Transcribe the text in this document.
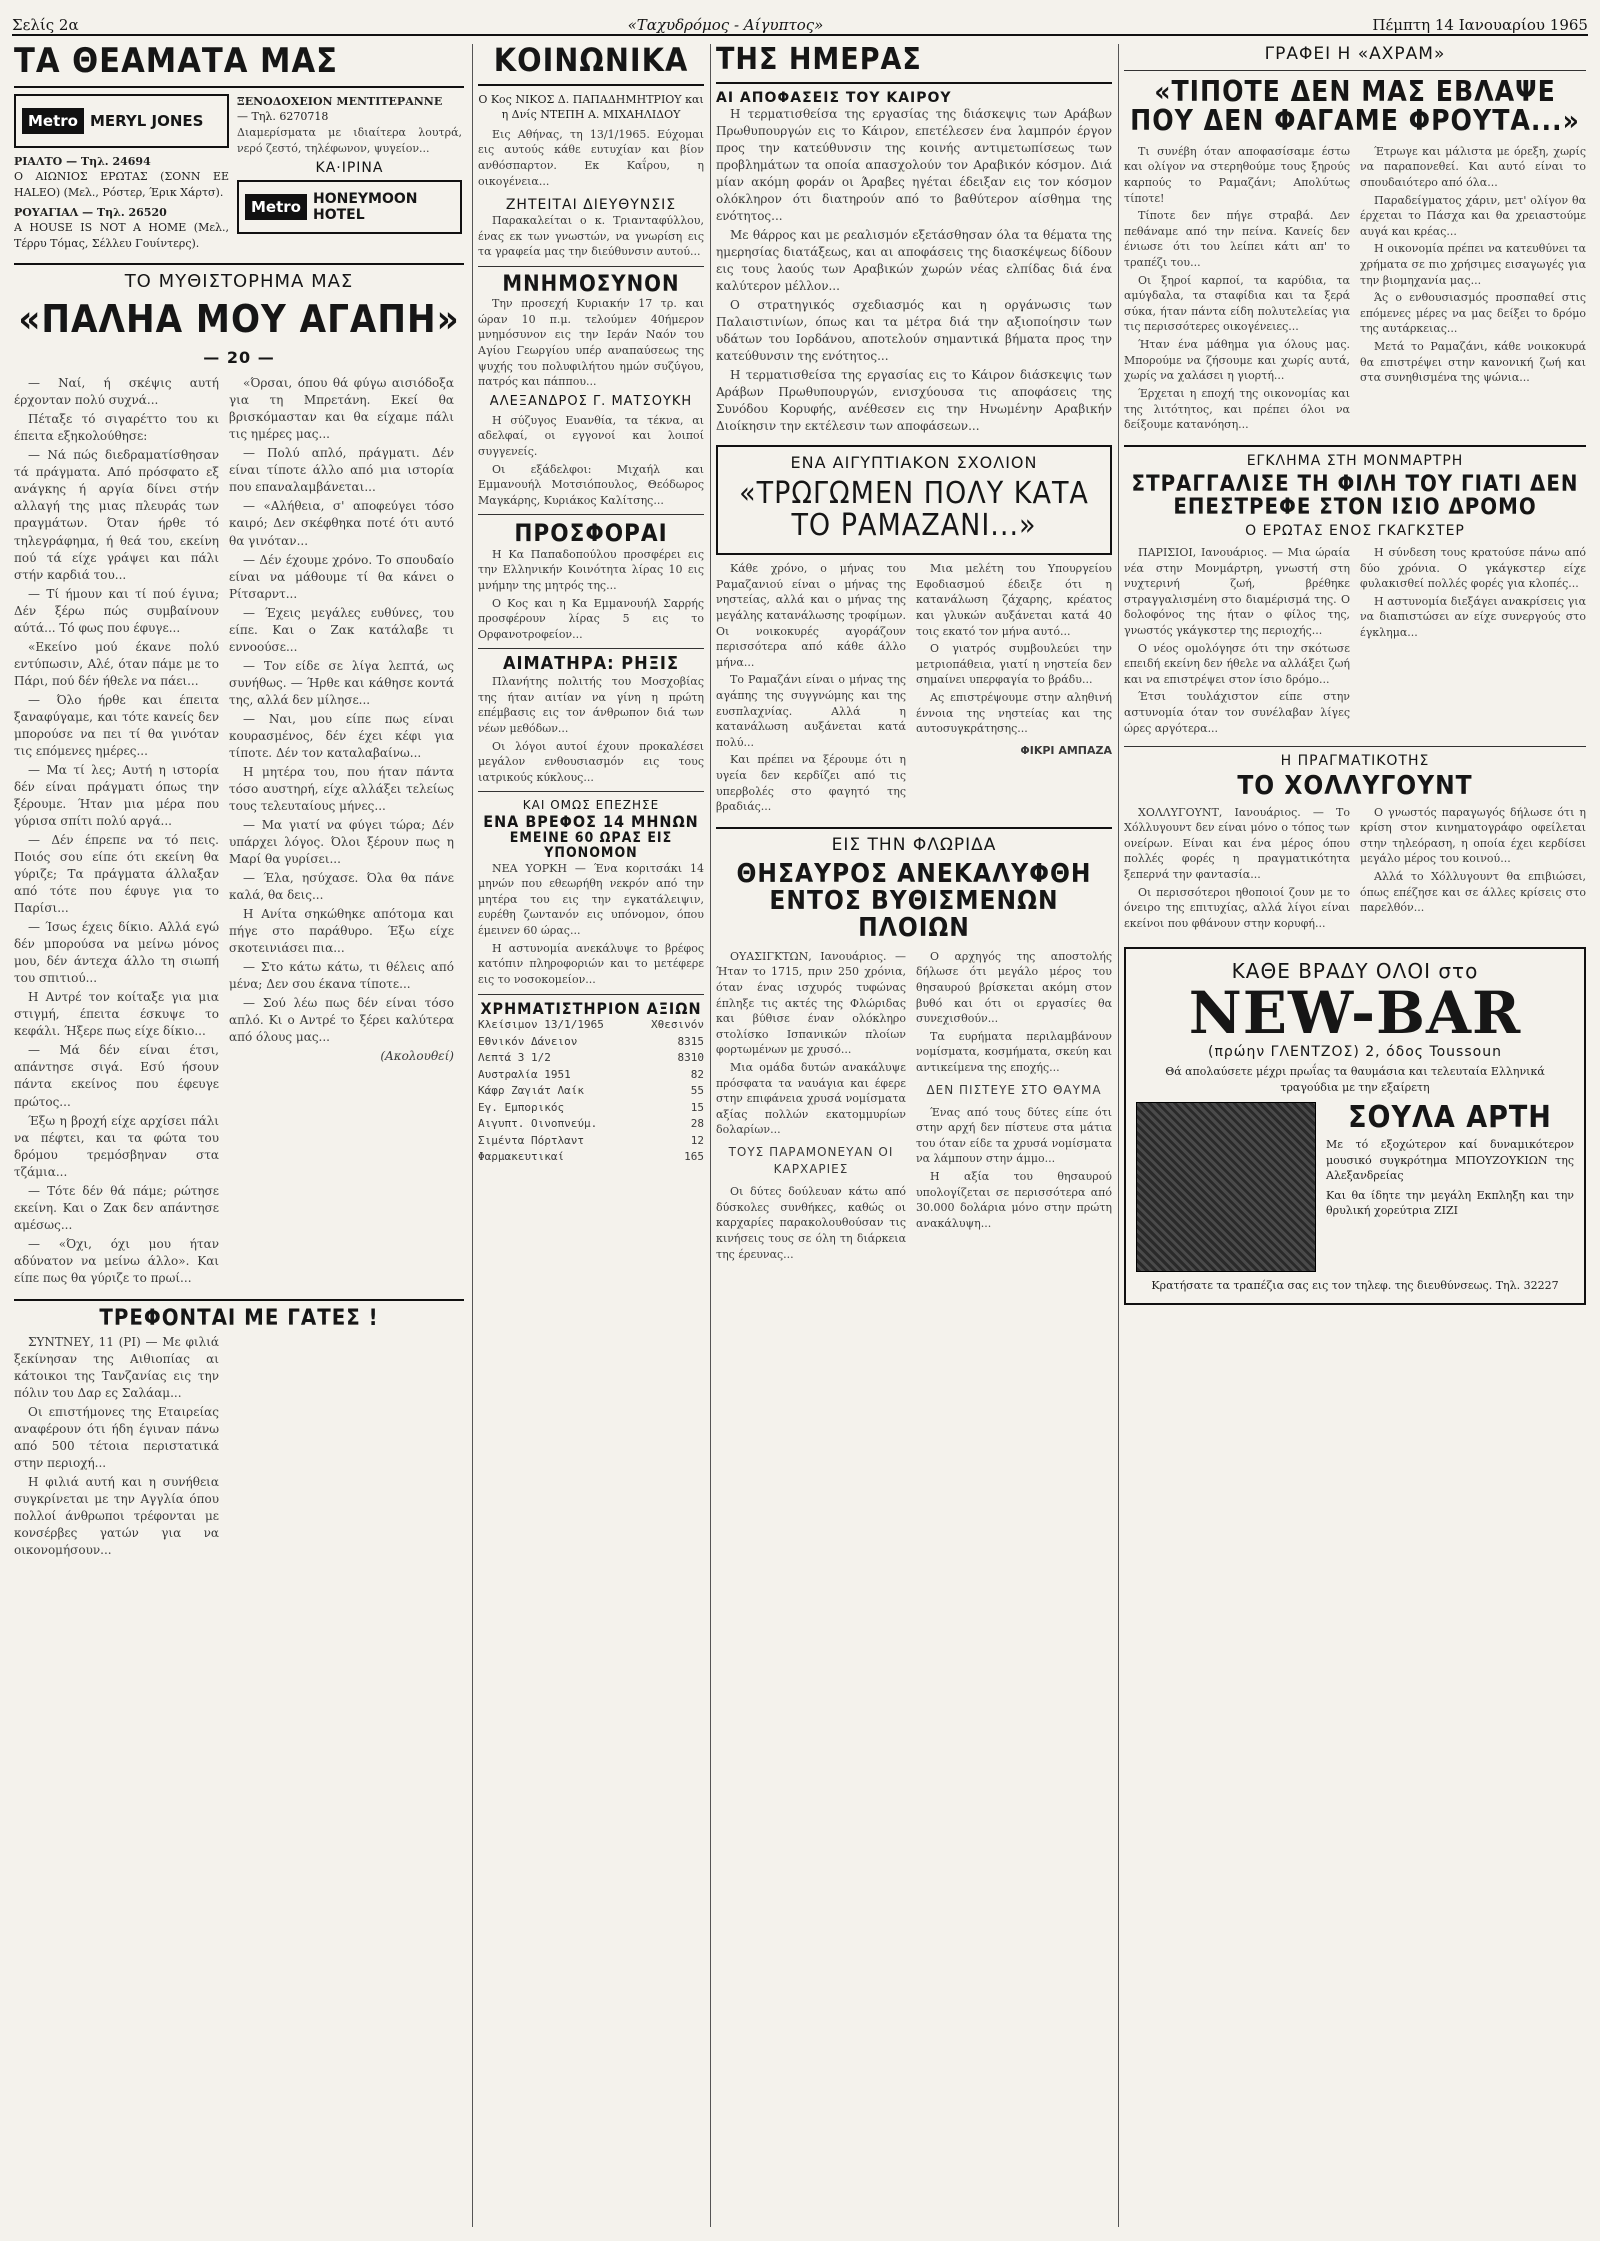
Σελίς 2α	«Ταχυδρόμος - Αίγυπτος»	Πέμπτη 14 Ιανουαρίου 1965
ΤΑ ΘΕΑΜΑΤΑ ΜΑΣ
Metro MERYL JONES
ΡΙΑΛΤΟ — Τηλ. 24694
Ο ΑΙΩΝΙΟΣ ΕΡΩΤΑΣ (ΣΟΝΝ ΕΕ HALEO) (Μελ., Ρόστερ, Έρικ Χάρτσ).
ΡΟΥΑΓΙΑΛ — Τηλ. 26520
A HOUSE IS NOT A HOME (Μελ., Τέρρυ Τόμας, Σέλλευ Γουίντερς).
ΞΕΝΟΔΟΧΕΙΟΝ ΜΕΝΤΙΤΕΡΑΝΝΕ
— Τηλ. 6270718
Διαμερίσματα με ιδιαίτερα λουτρά, νερό ζεστό, τηλέφωνον, ψυγείον...
ΚΑ·ΙΡΙΝΑ
Metro HONEYMOON HOTEL
ΤΟ ΜΥΘΙΣΤΟΡΗΜΑ ΜΑΣ
«ΠΑΛΗΑ ΜΟΥ ΑΓΑΠΗ»
— 20 —

— Ναί, ή σκέψις αυτή έρχονταν πολύ συχνά...

Πέταξε τό σιγαρέττο του κι έπειτα εξηκολούθησε:

— Νά πώς διεδραματίσθησαν τά πράγματα. Από πρόσφατο εξ ανάγκης ή αργία δίνει στήν αλλαγή της μιας πλευράς των πραγμάτων. Όταν ήρθε τό τηλεγράφημα, ή θεά του, εκείνη πού τά είχε γράψει και πάλι στήν καρδιά του...

— Τί ήμουν και τί πού έγινα; Δέν ξέρω πώς συμβαίνουν αύτά... Τό φως που έφυγε...

«Εκείνο μού έκανε πολύ εντύπωσιν, Αλέ, όταν πάμε με το Πάρι, πού δέν ήθελε να πάει...

— Όλο ήρθε και έπειτα ξαναφύγαμε, και τότε κανείς δεν μπορούσε να πει τί θα γινόταν τις επόμενες ημέρες...

— Μα τί λες; Αυτή η ιστορία δέν είναι πράγματι όπως την ξέρουμε. Ήταν μια μέρα που γύρισα σπίτι πολύ αργά...

— Δέν έπρεπε να τό πεις. Ποιός σου είπε ότι εκείνη θα γύριζε; Τα πράγματα άλλαξαν από τότε που έφυγε για το Παρίσι...

— Ίσως έχεις δίκιο. Αλλά εγώ δέν μπορούσα να μείνω μόνος μου, δέν άντεχα άλλο τη σιωπή του σπιτιού...

Η Αντρέ τον κοίταξε για μια στιγμή, έπειτα έσκυψε το κεφάλι. Ήξερε πως είχε δίκιο...

— Μά δέν είναι έτσι, απάντησε σιγά. Εσύ ήσουν πάντα εκείνος που έφευγε πρώτος...

Έξω η βροχή είχε αρχίσει πάλι να πέφτει, και τα φώτα του δρόμου τρεμόσβηναν στα τζάμια...

— Τότε δέν θά πάμε; ρώτησε εκείνη. Και ο Ζακ δεν απάντησε αμέσως...

— «Όχι, όχι μου ήταν αδύνατον να μείνω άλλο». Και είπε πως θα γύριζε το πρωί...

«Όρσαι, όπου θά φύγω αισιόδοξα για τη Μπρετάνη. Εκεί θα βρισκόμασταν και θα είχαμε πάλι τις ημέρες μας...

— Πολύ απλό, πράγματι. Δέν είναι τίποτε άλλο από μια ιστορία που επαναλαμβάνεται...

— «Αλήθεια, σ' αποφεύγει τόσο καιρό; Δεν σκέφθηκα ποτέ ότι αυτό θα γινόταν...

— Δέν έχουμε χρόνο. Το σπουδαίο είναι να μάθουμε τί θα κάνει ο Ρίτσαρντ...

— Έχεις μεγάλες ευθύνες, του είπε. Και ο Ζακ κατάλαβε τι εννοούσε...

— Τον είδε σε λίγα λεπτά, ως συνήθως. — Ήρθε και κάθησε κοντά της, αλλά δεν μίλησε...

— Ναι, μου είπε πως είναι κουρασμένος, δέν έχει κέφι για τίποτε. Δέν τον καταλαβαίνω...

Η μητέρα του, που ήταν πάντα τόσο αυστηρή, είχε αλλάξει τελείως τους τελευταίους μήνες...

— Μα γιατί να φύγει τώρα; Δέν υπάρχει λόγος. Όλοι ξέρουν πως η Μαρί θα γυρίσει...

— Έλα, ησύχασε. Όλα θα πάνε καλά, θα δεις...

Η Ανίτα σηκώθηκε απότομα και πήγε στο παράθυρο. Έξω είχε σκοτεινιάσει πια...

— Στο κάτω κάτω, τι θέλεις από μένα; Δεν σου έκανα τίποτε...

— Σού λέω πως δέν είναι τόσο απλό. Κι ο Αντρέ το ξέρει καλύτερα από όλους μας...

(Ακολουθεί)

ΤΡΕΦΟΝΤΑΙ ΜΕ ΓΑΤΕΣ !

ΣΥΝΤΝΕΥ, 11 (ΡΙ) — Με φιλιά ξεκίνησαν της Αιθιοπίας αι κάτοικοι της Τανζανίας εις την πόλιν του Δαρ ες Σαλάαμ...

Οι επιστήμονες της Εταιρείας αναφέρουν ότι ήδη έγιναν πάνω από 500 τέτοια περιστατικά στην περιοχή...

Η φιλιά αυτή και η συνήθεια συγκρίνεται με την Αγγλία όπου πολλοί άνθρωποι τρέφονται με κονσέρβες γατών για να οικονομήσουν...

ΚΟΙΝΩΝΙΚΑ
Ο Κος ΝΙΚΟΣ Δ. ΠΑΠΑΔΗΜΗΤΡΙΟΥ και η Δνίς ΝΤΕΠΗ Α. ΜΙΧΑΗΛΙΔΟΥ

Εις Αθήνας, τη 13/1/1965. Εύχομαι εις αυτούς κάθε ευτυχίαν και βίον ανθόσπαρτον. Εκ Καΐρου, η οικογένεια...

ΖΗΤΕΙΤΑΙ ΔΙΕΥΘΥΝΣΙΣ

Παρακαλείται ο κ. Τριανταφύλλου, ένας εκ των γνωστών, να γνωρίση εις τα γραφεία μας την διεύθυνσιν αυτού...

ΜΝΗΜΟΣΥΝΟΝ

Την προσεχή Κυριακήν 17 τρ. και ώραν 10 π.μ. τελούμεν 40ήμερον μνημόσυνον εις την Ιεράν Ναόν του Αγίου Γεωργίου υπέρ αναπαύσεως της ψυχής του πολυφιλήτου ημών συζύγου, πατρός και πάππου...

ΑΛΕΞΑΝΔΡΟΣ Γ. ΜΑΤΣΟΥΚΗ

Η σύζυγος Ευανθία, τα τέκνα, αι αδελφαί, οι εγγονοί και λοιποί συγγενείς.

Οι εξάδελφοι: Μιχαήλ και Εμμανουήλ Μοτσιόπουλος, Θεόδωρος Μαγκάρης, Κυριάκος Καλίτσης...

ΠΡΟΣΦΟΡΑΙ

Η Κα Παπαδοπούλου προσφέρει εις την Ελληνικήν Κοινότητα λίρας 10 εις μνήμην της μητρός της...

Ο Κος και η Κα Εμμανουήλ Σαρρής προσφέρουν λίρας 5 εις το Ορφανοτροφείον...

ΑΙΜΑΤΗΡΑ: ΡΗΞΙΣ

Πλανήτης πολιτής του Μοσχοβίας της ήταν αιτίαν να γίνη η πρώτη επέμβασις εις τον άνθρωπον διά των νέων μεθόδων...

Οι λόγοι αυτοί έχουν προκαλέσει μεγάλον ενθουσιασμόν εις τους ιατρικούς κύκλους...

ΚΑΙ ΟΜΩΣ ΕΠΕΖΗΣΕ
ΕΝΑ ΒΡΕΦΟΣ 14 ΜΗΝΩΝ
ΕΜΕΙΝΕ 60 ΩΡΑΣ ΕΙΣ ΥΠΟΝΟΜΟΝ

ΝΕΑ ΥΟΡΚΗ — Ένα κοριτσάκι 14 μηνών που εθεωρήθη νεκρόν από την μητέρα του εις την εγκατάλειψιν, ευρέθη ζωντανόν εις υπόνομον, όπου έμεινεν 60 ώρας...

Η αστυνομία ανεκάλυψε το βρέφος κατόπιν πληροφοριών και το μετέφερε εις το νοσοκομείον...

ΧΡΗΜΑΤΙΣΤΗΡΙΟΝ ΑΞΙΩΝ
Κλείσιμον 13/1/1965	Χθεσινόν
Εθνικόν Δάνειον	8315
Λεπτά 3 1/2	8310
Αυστραλία 1951	82
Κάφρ Ζαγιάτ Λαίκ	55
Εγ. Εμπορικός	15
Αιγυπτ. Οινοπνεύμ.	28
Σιμέντα Πόρτλαντ	12
Φαρμακευτικαί	165
ΤΗΣ ΗΜΕΡΑΣ
ΑΙ ΑΠΟΦΑΣΕΙΣ ΤΟΥ ΚΑΙΡΟΥ

Η τερματισθείσα της εργασίας της διάσκεψις των Αράβων Πρωθυπουργών εις το Κάιρον, επετέλεσεν ένα λαμπρόν έργον προς την κατεύθυνσιν της κοινής αντιμετωπίσεως των προβλημάτων τα οποία απασχολούν τον Αραβικόν κόσμον. Διά μίαν ακόμη φοράν οι Άραβες ηγέται έδειξαν εις τον κόσμον ολόκληρον ότι διατηρούν από το βαθύτερον αίσθημα της ενότητος...

Με θάρρος και με ρεαλισμόν εξετάσθησαν όλα τα θέματα της ημερησίας διατάξεως, και αι αποφάσεις της διασκέψεως δίδουν εις τους λαούς των Αραβικών χωρών νέας ελπίδας διά ένα καλύτερον μέλλον...

Ο στρατηγικός σχεδιασμός και η οργάνωσις των Παλαιστινίων, όπως και τα μέτρα διά την αξιοποίησιν των υδάτων του Ιορδάνου, αποτελούν σημαντικά βήματα προς την κατεύθυνσιν της ενότητος...

Η τερματισθείσα της εργασίας εις το Κάιρον διάσκεψις των Αράβων Πρωθυπουργών, ενισχύουσα τις αποφάσεις της Συνόδου Κορυφής, ανέθεσεν εις την Ηνωμένην Αραβικήν Διοίκησιν την εκτέλεσιν των αποφάσεων...

ΕΝΑ ΑΙΓΥΠΤΙΑΚΟΝ ΣΧΟΛΙΟΝ
«ΤΡΩΓΩΜΕΝ ΠΟΛΥ ΚΑΤΑ ΤΟ ΡΑΜΑΖΑΝΙ...»

Κάθε χρόνο, ο μήνας του Ραμαζανιού είναι ο μήνας της νηστείας, αλλά και ο μήνας της μεγάλης κατανάλωσης τροφίμων. Οι νοικοκυρές αγοράζουν περισσότερα από κάθε άλλο μήνα...

Το Ραμαζάνι είναι ο μήνας της αγάπης της συγγνώμης και της ευσπλαχνίας. Αλλά η κατανάλωση αυξάνεται κατά πολύ...

Και πρέπει να ξέρουμε ότι η υγεία δεν κερδίζει από τις υπερβολές στο φαγητό της βραδιάς...

Μια μελέτη του Υπουργείου Εφοδιασμού έδειξε ότι η κατανάλωση ζάχαρης, κρέατος και γλυκών αυξάνεται κατά 40 τοις εκατό τον μήνα αυτό...

Ο γιατρός συμβουλεύει την μετριοπάθεια, γιατί η νηστεία δεν σημαίνει υπερφαγία το βράδυ...

Ας επιστρέψουμε στην αληθινή έννοια της νηστείας και της αυτοσυγκράτησης...

ΦΙΚΡΙ ΑΜΠΑΖΑ
ΕΙΣ ΤΗΝ ΦΛΩΡΙΔΑ
ΘΗΣΑΥΡΟΣ ΑΝΕΚΑΛΥΦΘΗ ΕΝΤΟΣ ΒΥΘΙΣΜΕΝΩΝ ΠΛΟΙΩΝ

ΟΥΑΣΙΓΚΤΩΝ, Ιανουάριος. — Ήταν το 1715, πριν 250 χρόνια, όταν ένας ισχυρός τυφώνας έπληξε τις ακτές της Φλώριδας και βύθισε έναν ολόκληρο στολίσκο Ισπανικών πλοίων φορτωμένων με χρυσό...

Μια ομάδα δυτών ανακάλυψε πρόσφατα τα ναυάγια και έφερε στην επιφάνεια χρυσά νομίσματα αξίας πολλών εκατομμυρίων δολαρίων...

ΤΟΥΣ ΠΑΡΑΜΟΝΕΥΑΝ ΟΙ ΚΑΡΧΑΡΙΕΣ

Οι δύτες δούλευαν κάτω από δύσκολες συνθήκες, καθώς οι καρχαρίες παρακολουθούσαν τις κινήσεις τους σε όλη τη διάρκεια της έρευνας...

Ο αρχηγός της αποστολής δήλωσε ότι μεγάλο μέρος του θησαυρού βρίσκεται ακόμη στον βυθό και ότι οι εργασίες θα συνεχισθούν...

Τα ευρήματα περιλαμβάνουν νομίσματα, κοσμήματα, σκεύη και αντικείμενα της εποχής...

ΔΕΝ ΠΙΣΤΕΥΕ ΣΤΟ ΘΑΥΜΑ

Ένας από τους δύτες είπε ότι στην αρχή δεν πίστευε στα μάτια του όταν είδε τα χρυσά νομίσματα να λάμπουν στην άμμο...

Η αξία του θησαυρού υπολογίζεται σε περισσότερα από 30.000 δολάρια μόνο στην πρώτη ανακάλυψη...

ΓΡΑΦΕΙ Η «ΑΧΡΑΜ»
«ΤΙΠΟΤΕ ΔΕΝ ΜΑΣ ΕΒΛΑΨΕ ΠΟΥ ΔΕΝ ΦΑΓΑΜΕ ΦΡΟΥΤΑ...»

Τι συνέβη όταν αποφασίσαμε έστω και ολίγον να στερηθούμε τους ξηρούς καρπούς το Ραμαζάνι; Απολύτως τίποτε!

Τίποτε δεν πήγε στραβά. Δεν πεθάναμε από την πείνα. Κανείς δεν ένιωσε ότι του λείπει κάτι απ' το τραπέζι του...

Οι ξηροί καρποί, τα καρύδια, τα αμύγδαλα, τα σταφίδια και τα ξερά σύκα, ήταν πάντα είδη πολυτελείας για τις περισσότερες οικογένειες...

Ήταν ένα μάθημα για όλους μας. Μπορούμε να ζήσουμε και χωρίς αυτά, χωρίς να χαλάσει η γιορτή...

Έρχεται η εποχή της οικονομίας και της λιτότητος, και πρέπει όλοι να δείξουμε κατανόηση...

Έτρωγε και μάλιστα με όρεξη, χωρίς να παραπονεθεί. Και αυτό είναι το σπουδαιότερο από όλα...

Παραδείγματος χάριν, μετ' ολίγον θα έρχεται το Πάσχα και θα χρειαστούμε αυγά και κρέας...

Η οικονομία πρέπει να κατευθύνει τα χρήματα σε πιο χρήσιμες εισαγωγές για την βιομηχανία μας...

Άς ο ενθουσιασμός προσπαθεί στις επόμενες μέρες να μας δείξει το δρόμο της αυτάρκειας...

Μετά το Ραμαζάνι, κάθε νοικοκυρά θα επιστρέψει στην κανονική ζωή και στα συνηθισμένα της ψώνια...

ΕΓΚΛΗΜΑ ΣΤΗ ΜΟΝΜΑΡΤΡΗ
ΣΤΡΑΓΓΑΛΙΣΕ ΤΗ ΦΙΛΗ ΤΟΥ ΓΙΑΤΙ ΔΕΝ ΕΠΕΣΤΡΕΦΕ ΣΤΟΝ ΙΣΙΟ ΔΡΟΜΟ
Ο ΕΡΩΤΑΣ ΕΝΟΣ ΓΚΑΓΚΣΤΕΡ

ΠΑΡΙΣΙΟΙ, Ιανουάριος. — Μια ώραία νέα στην Μονμάρτρη, γνωστή στη νυχτερινή ζωή, βρέθηκε στραγγαλισμένη στο διαμέρισμά της. Ο δολοφόνος της ήταν ο φίλος της, γνωστός γκάγκστερ της περιοχής...

Ο νέος ομολόγησε ότι την σκότωσε επειδή εκείνη δεν ήθελε να αλλάξει ζωή και να επιστρέψει στον ίσιο δρόμο...

Έτσι τουλάχιστον είπε στην αστυνομία όταν τον συνέλαβαν λίγες ώρες αργότερα...

Η σύνδεση τους κρατούσε πάνω από δύο χρόνια. Ο γκάγκστερ είχε φυλακισθεί πολλές φορές για κλοπές...

Η αστυνομία διεξάγει ανακρίσεις για να διαπιστώσει αν είχε συνεργούς στο έγκλημα...

Η ΠΡΑΓΜΑΤΙΚΟΤΗΣ
ΤΟ ΧΟΛΛΥΓΟΥΝΤ

ΧΟΛΛΥΓΟΥΝΤ, Ιανουάριος. — Το Χόλλυγουντ δεν είναι μόνο ο τόπος των ονείρων. Είναι και ένα μέρος όπου πολλές φορές η πραγματικότητα ξεπερνά την φαντασία...

Οι περισσότεροι ηθοποιοί ζουν με το όνειρο της επιτυχίας, αλλά λίγοι είναι εκείνοι που φθάνουν στην κορυφή...

Ο γνωστός παραγωγός δήλωσε ότι η κρίση στον κινηματογράφο οφείλεται στην τηλεόραση, η οποία έχει κερδίσει μεγάλο μέρος του κοινού...

Αλλά το Χόλλυγουντ θα επιβιώσει, όπως επέζησε και σε άλλες κρίσεις στο παρελθόν...

ΚΑΘΕ ΒΡΑΔΥ ΟΛΟΙ στο
NEW-BAR
(πρώην ΓΛΕΝΤΖΟΣ) 2, όδος Toussoun
Θά απολαύσετε μέχρι πρωΐας τα θαυμάσια και τελευταία Ελληνικά τραγούδια με την εξαίρετη
ΣΟΥΛΑ ΑΡΤΗ
Με τό εξοχώτερον καί δυναμικότερον μουσικό συγκρότημα ΜΠΟΥΖΟΥΚΙΩΝ της Αλεξανδρείας
Και θα ίδητε την μεγάλη Εκπληξη και την θρυλική χορεύτρια ΖΙΖΙ
Κρατήσατε τα τραπέζια σας εις τον τηλεφ. της διευθύνσεως. Τηλ. 32227
